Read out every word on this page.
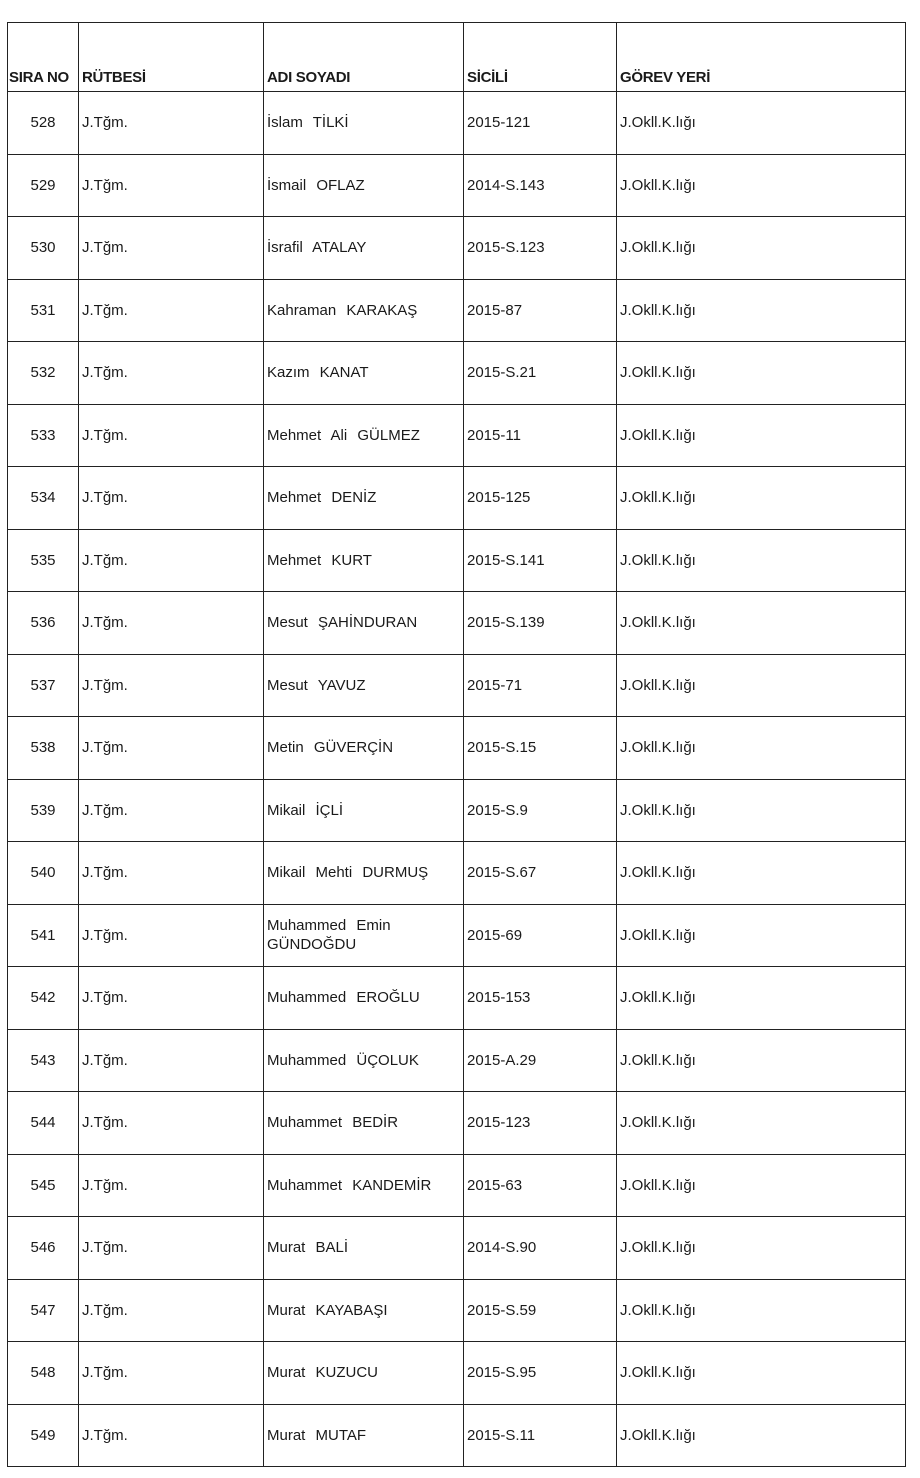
SIRA NO	RÜTBESİ	ADI SOYADI	SİCİLİ	GÖREV YERİ
528	J.Tğm.	İslam TİLKİ	2015-121	J.Okll.K.lığı
529	J.Tğm.	İsmail OFLAZ	2014-S.143	J.Okll.K.lığı
530	J.Tğm.	İsrafil ATALAY	2015-S.123	J.Okll.K.lığı
531	J.Tğm.	Kahraman KARAKAŞ	2015-87	J.Okll.K.lığı
532	J.Tğm.	Kazım KANAT	2015-S.21	J.Okll.K.lığı
533	J.Tğm.	Mehmet Ali GÜLMEZ	2015-11	J.Okll.K.lığı
534	J.Tğm.	Mehmet DENİZ	2015-125	J.Okll.K.lığı
535	J.Tğm.	Mehmet KURT	2015-S.141	J.Okll.K.lığı
536	J.Tğm.	Mesut ŞAHİNDURAN	2015-S.139	J.Okll.K.lığı
537	J.Tğm.	Mesut YAVUZ	2015-71	J.Okll.K.lığı
538	J.Tğm.	Metin GÜVERÇİN	2015-S.15	J.Okll.K.lığı
539	J.Tğm.	Mikail İÇLİ	2015-S.9	J.Okll.K.lığı
540	J.Tğm.	Mikail Mehti DURMUŞ	2015-S.67	J.Okll.K.lığı
541	J.Tğm.	Muhammed Emin GÜNDOĞDU	2015-69	J.Okll.K.lığı
542	J.Tğm.	Muhammed EROĞLU	2015-153	J.Okll.K.lığı
543	J.Tğm.	Muhammed ÜÇOLUK	2015-A.29	J.Okll.K.lığı
544	J.Tğm.	Muhammet BEDİR	2015-123	J.Okll.K.lığı
545	J.Tğm.	Muhammet KANDEMİR	2015-63	J.Okll.K.lığı
546	J.Tğm.	Murat BALİ	2014-S.90	J.Okll.K.lığı
547	J.Tğm.	Murat KAYABAŞI	2015-S.59	J.Okll.K.lığı
548	J.Tğm.	Murat KUZUCU	2015-S.95	J.Okll.K.lığı
549	J.Tğm.	Murat MUTAF	2015-S.11	J.Okll.K.lığı
